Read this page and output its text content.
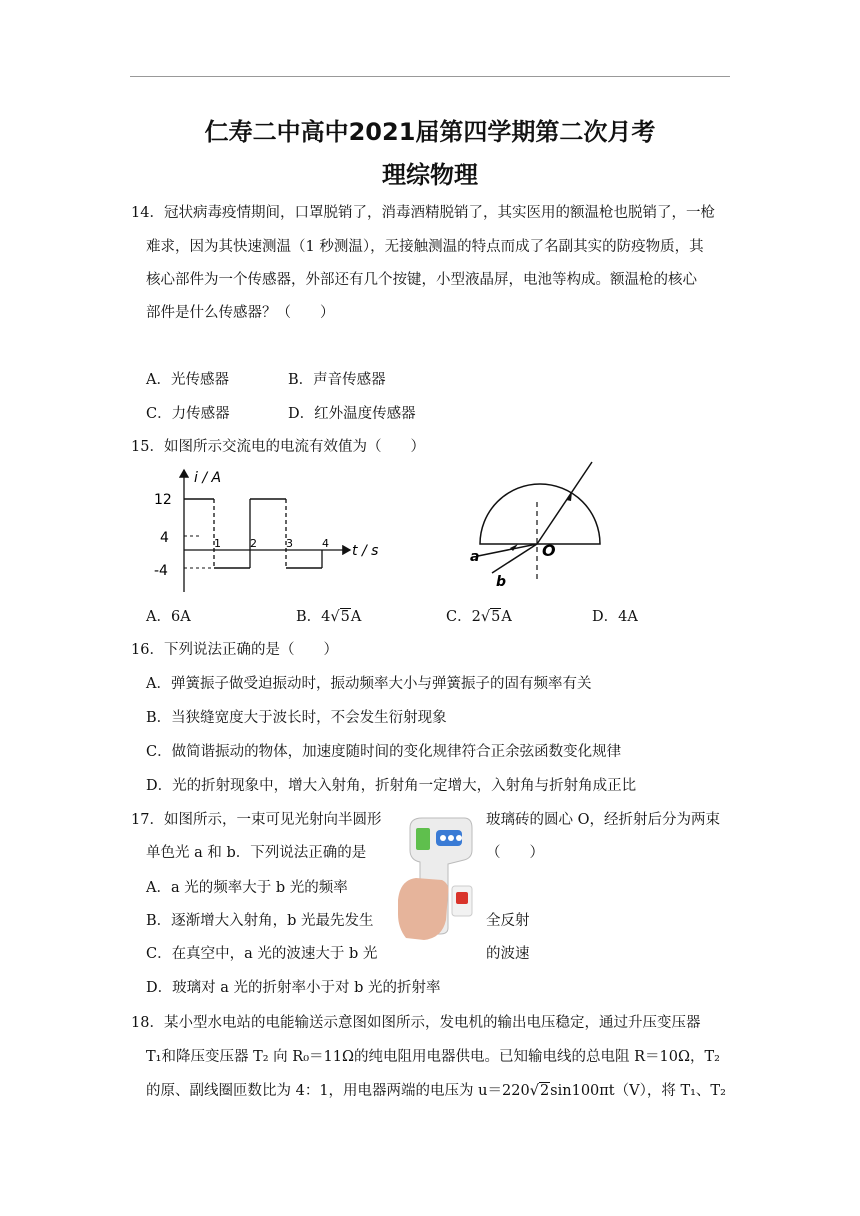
仁寿二中高中2021届第四学期第二次月考
理综物理
14．冠状病毒疫情期间，口罩脱销了，消毒酒精脱销了，其实医用的额温枪也脱销了，一枪
难求，因为其快速测温（1 秒测温），无接触测温的特点而成了名副其实的防疫物质，其
核心部件为一个传感器，外部还有几个按键，小型液晶屏，电池等构成。额温枪的核心
部件是什么传感器？（　　）
A．光传感器	B．声音传感器
C．力传感器	D．红外温度传感器
15．如图所示交流电的电流有效值为（　　）
i / A
t / s
12
4
-4
1	2	3	4
a
b
O
A．6A	B．4√5A	C．2√5A	D．4A
16．下列说法正确的是（　　）
A．弹簧振子做受迫振动时，振动频率大小与弹簧振子的固有频率有关
B．当狭缝宽度大于波长时，不会发生衍射现象
C．做简谐振动的物体，加速度随时间的变化规律符合正余弦函数变化规律
D．光的折射现象中，增大入射角，折射角一定增大，入射角与折射角成正比
17．如图所示，一束可见光射向半圆形	玻璃砖的圆心 O，经折射后分为两束
单色光 a 和 b．下列说法正确的是	（　　）
A．a 光的频率大于 b 光的频率
B．逐渐增大入射角，b 光最先发生	全反射
C．在真空中，a 光的波速大于 b 光	的波速
D．玻璃对 a 光的折射率小于对 b 光的折射率
18．某小型水电站的电能输送示意图如图所示，发电机的输出电压稳定，通过升压变压器
T₁和降压变压器 T₂ 向 R₀＝11Ω的纯电阻用电器供电。已知输电线的总电阻 R＝10Ω，T₂
的原、副线圈匝数比为 4：1，用电器两端的电压为 u＝220√2sin100πt（V），将 T₁、T₂
